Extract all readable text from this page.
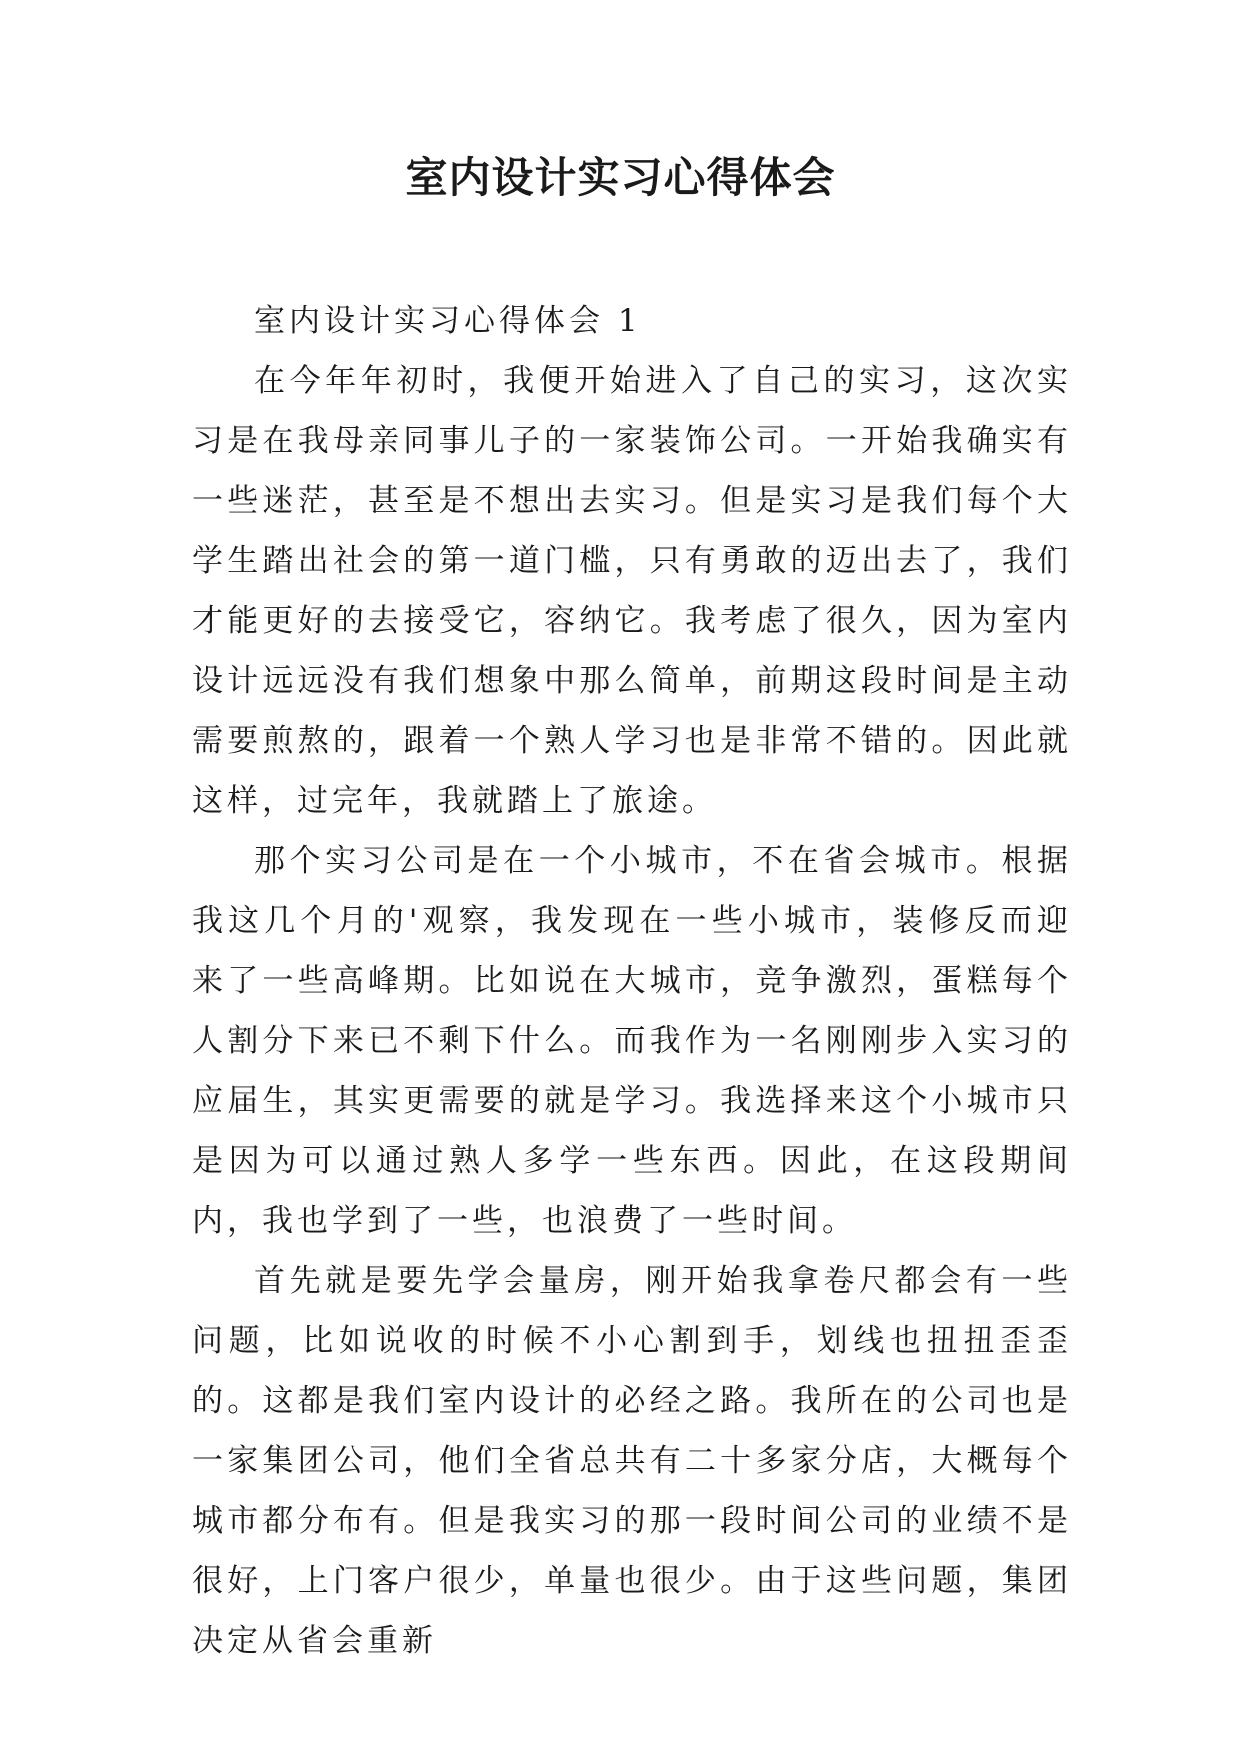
室内设计实习心得体会

室内设计实习心得体会 1

在今年年初时，我便开始进入了自己的实习，这次实习是在我母亲同事儿子的一家装饰公司。一开始我确实有一些迷茫，甚至是不想出去实习。但是实习是我们每个大学生踏出社会的第一道门槛，只有勇敢的迈出去了，我们才能更好的去接受它，容纳它。我考虑了很久，因为室内设计远远没有我们想象中那么简单，前期这段时间是主动需要煎熬的，跟着一个熟人学习也是非常不错的。因此就这样，过完年，我就踏上了旅途。

那个实习公司是在一个小城市，不在省会城市。根据我这几个月的'观察，我发现在一些小城市，装修反而迎来了一些高峰期。比如说在大城市，竞争激烈，蛋糕每个人割分下来已不剩下什么。而我作为一名刚刚步入实习的应届生，其实更需要的就是学习。我选择来这个小城市只是因为可以通过熟人多学一些东西。因此，在这段期间内，我也学到了一些，也浪费了一些时间。

首先就是要先学会量房，刚开始我拿卷尺都会有一些问题，比如说收的时候不小心割到手，划线也扭扭歪歪的。这都是我们室内设计的必经之路。我所在的公司也是一家集团公司，他们全省总共有二十多家分店，大概每个城市都分布有。但是我实习的那一段时间公司的业绩不是很好，上门客户很少，单量也很少。由于这些问题，集团决定从省会重新
